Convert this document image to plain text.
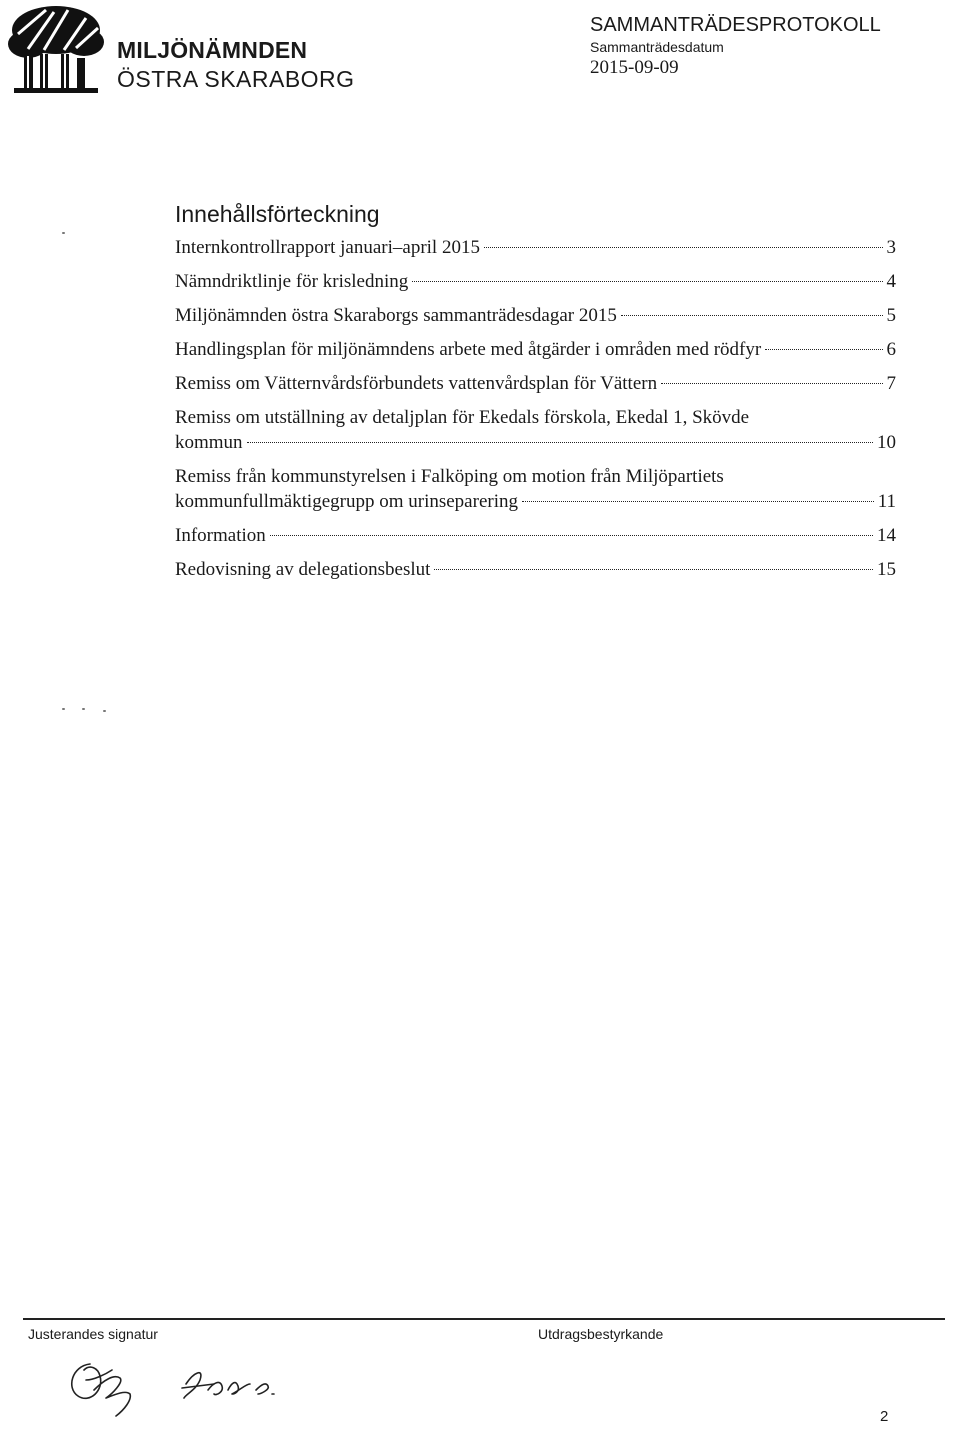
MILJÖNÄMNDEN
ÖSTRA SKARABORG
SAMMANTRÄDESPROTOKOLL
Sammanträdesdatum
2015-09-09
Innehållsförteckning
Internkontrollrapport januari–april 2015	3
Nämndriktlinje för krisledning	4
Miljönämnden östra Skaraborgs sammanträdesdagar 2015	5
Handlingsplan för miljönämndens arbete med åtgärder i områden med rödfyr	6
Remiss om Vätternvårdsförbundets vattenvårdsplan för Vättern	7
Remiss om utställning av detaljplan för Ekedals förskola, Ekedal 1, Skövde
kommun	10
Remiss från kommunstyrelsen i Falköping om motion från Miljöpartiets
kommunfullmäktigegrupp om urinseparering	11
Information	14
Redovisning av delegationsbeslut	15
Justerandes signatur	Utdragsbestyrkande
2
